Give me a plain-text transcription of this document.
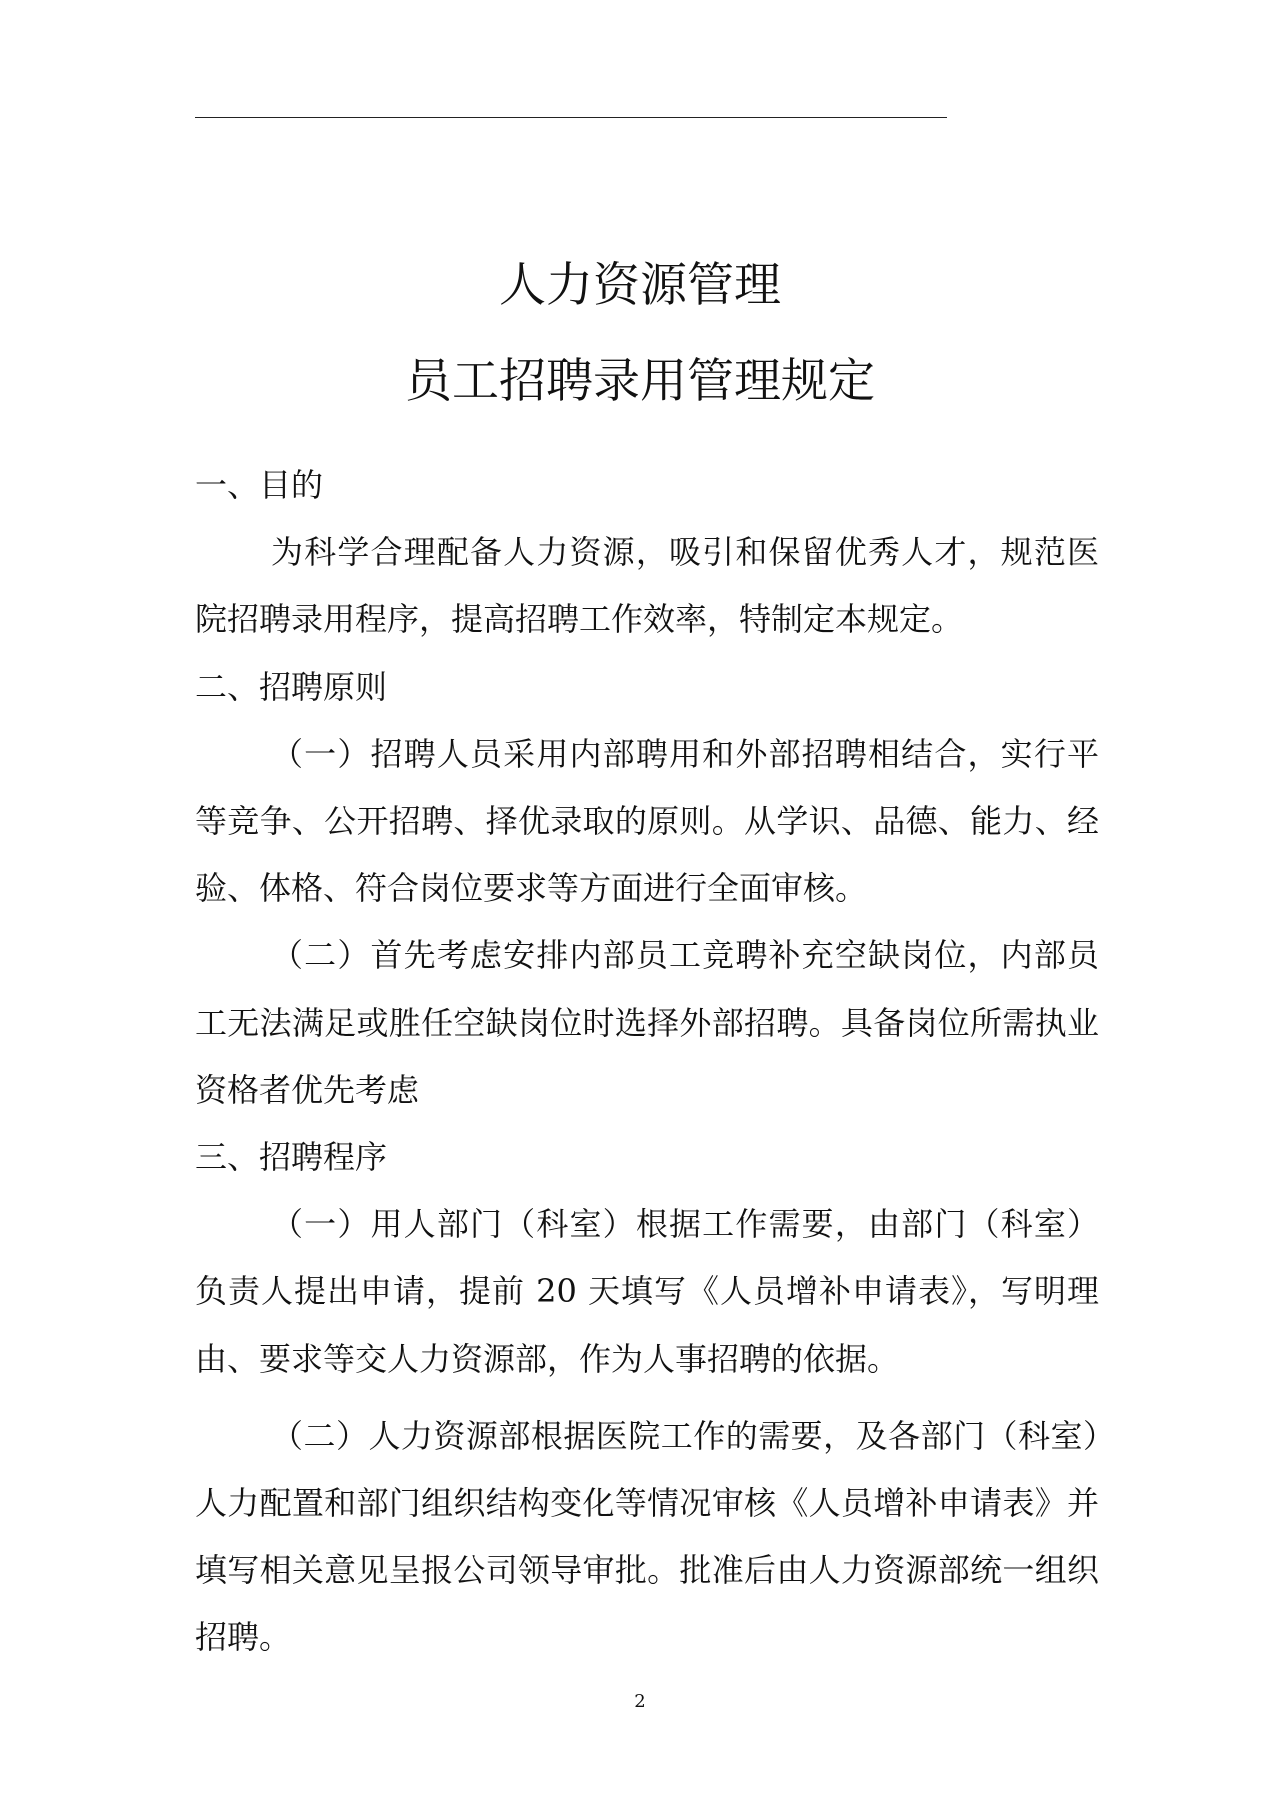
人力资源管理
员工招聘录用管理规定
一、目的

为科学合理配备人力资源，吸引和保留优秀人才，规范医院招聘录用程序，提高招聘工作效率，特制定本规定。

二、招聘原则

（一）招聘人员采用内部聘用和外部招聘相结合，实行平等竞争、公开招聘、择优录取的原则。从学识、品德、能力、经验、体格、符合岗位要求等方面进行全面审核。

（二）首先考虑安排内部员工竞聘补充空缺岗位，内部员工无法满足或胜任空缺岗位时选择外部招聘。具备岗位所需执业资格者优先考虑

三、招聘程序

（一）用人部门（科室）根据工作需要，由部门（科室）负责人提出申请，提前 20 天填写《人员增补申请表》，写明理由、要求等交人力资源部，作为人事招聘的依据。

（二）人力资源部根据医院工作的需要，及各部门（科室）人力配置和部门组织结构变化等情况审核《人员增补申请表》并填写相关意见呈报公司领导审批。批准后由人力资源部统一组织招聘。

2
